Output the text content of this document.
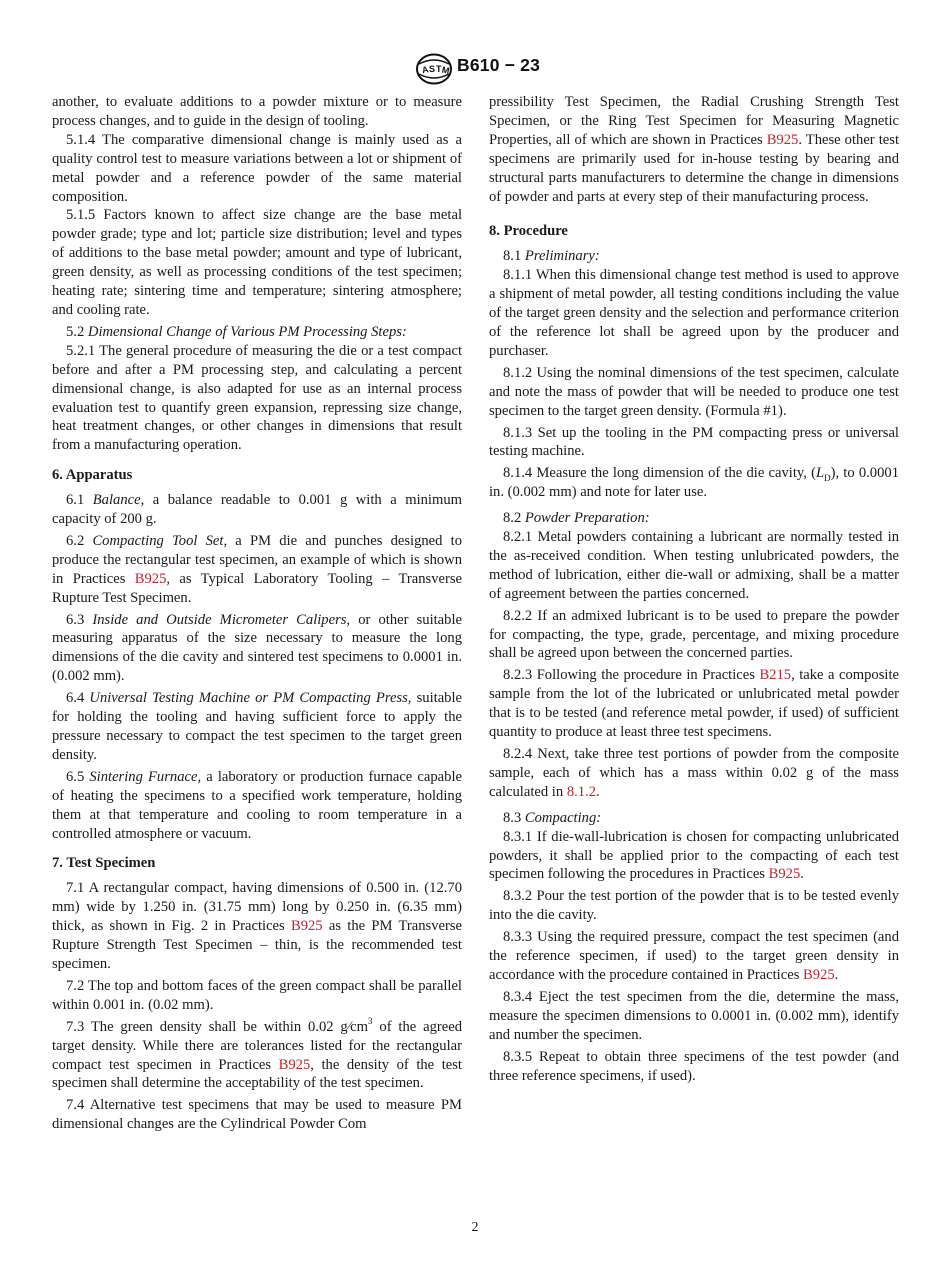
A S T M B610 − 23

another, to evaluate additions to a powder mixture or to measure process changes, and to guide in the design of tooling.

5.1.4 The comparative dimensional change is mainly used as a quality control test to measure variations between a lot or shipment of metal powder and a reference powder of the same material composition.

5.1.5 Factors known to affect size change are the base metal powder grade; type and lot; particle size distribution; level and types of additions to the base metal powder; amount and type of lubricant, green density, as well as processing conditions of the test specimen; heating rate; sintering time and temperature; sintering atmosphere; and cooling rate.

5.2 Dimensional Change of Various PM Processing Steps:

5.2.1 The general procedure of measuring the die or a test compact before and after a PM processing step, and calculating a percent dimensional change, is also adapted for use as an internal process evaluation test to quantify green expansion, repressing size change, heat treatment changes, or other changes in dimensions that result from a manufacturing operation.

6. Apparatus

6.1 Balance, a balance readable to 0.001 g with a minimum capacity of 200 g.

6.2 Compacting Tool Set, a PM die and punches designed to produce the rectangular test specimen, an example of which is shown in Practices B925, as Typical Laboratory Tooling – Transverse Rupture Test Specimen.

6.3 Inside and Outside Micrometer Calipers, or other suitable measuring apparatus of the size necessary to measure the long dimensions of the die cavity and sintered test specimens to 0.0001 in. (0.002 mm).

6.4 Universal Testing Machine or PM Compacting Press, suitable for holding the tooling and having sufficient force to apply the pressure necessary to compact the test specimen to the target green density.

6.5 Sintering Furnace, a laboratory or production furnace capable of heating the specimens to a specified work temperature, holding them at that temperature and cooling to room temperature in a controlled atmosphere or vacuum.

7. Test Specimen

7.1 A rectangular compact, having dimensions of 0.500 in. (12.70 mm) wide by 1.250 in. (31.75 mm) long by 0.250 in. (6.35 mm) thick, as shown in Fig. 2 in Practices B925 as the PM Transverse Rupture Strength Test Specimen – thin, is the recommended test specimen.

7.2 The top and bottom faces of the green compact shall be parallel within 0.001 in. (0.02 mm).

7.3 The green density shall be within 0.02 $g⁄cm^3$ of the agreed target density. While there are tolerances listed for the rectangular compact test specimen in Practices B925, the density of the test specimen shall determine the acceptability of the test specimen.

7.4 Alternative test specimens that may be used to measure PM dimensional changes are the Cylindrical Powder Com

pressibility Test Specimen, the Radial Crushing Strength Test Specimen, or the Ring Test Specimen for Measuring Magnetic Properties, all of which are shown in Practices B925. These other test specimens are primarily used for in-house testing by bearing and structural parts manufacturers to determine the change in dimensions of powder and parts at every step of their manufacturing process.

8. Procedure

8.1 Preliminary:

8.1.1 When this dimensional change test method is used to approve a shipment of metal powder, all testing conditions including the value of the target green density and the selection and performance criterion of the reference lot shall be agreed upon by the producer and purchaser.

8.1.2 Using the nominal dimensions of the test specimen, calculate and note the mass of powder that will be needed to produce one test specimen to the target green density. (Formula #1).

8.1.3 Set up the tooling in the PM compacting press or universal testing machine.

8.1.4 Measure the long dimension of the die cavity, $(L_D)$, to 0.0001 in. (0.002 mm) and note for later use.

8.2 Powder Preparation:

8.2.1 Metal powders containing a lubricant are normally tested in the as-received condition. When testing unlubricated powders, the method of lubrication, either die-wall or admixing, shall be a matter of agreement between the parties concerned.

8.2.2 If an admixed lubricant is to be used to prepare the powder for compacting, the type, grade, percentage, and mixing procedure shall be agreed upon between the concerned parties.

8.2.3 Following the procedure in Practices B215, take a composite sample from the lot of the lubricated or unlubricated metal powder that is to be tested (and reference metal powder, if used) of sufficient quantity to produce at least three test specimens.

8.2.4 Next, take three test portions of powder from the composite sample, each of which has a mass within 0.02 g of the mass calculated in 8.1.2.

8.3 Compacting:

8.3.1 If die-wall-lubrication is chosen for compacting unlubricated powders, it shall be applied prior to the compacting of each test specimen following the procedures in Practices B925.

8.3.2 Pour the test portion of the powder that is to be tested evenly into the die cavity.

8.3.3 Using the required pressure, compact the test specimen (and the reference specimen, if used) to the target green density in accordance with the procedure contained in Practices B925.

8.3.4 Eject the test specimen from the die, determine the mass, measure the specimen dimensions to 0.0001 in. (0.002 mm), identify and number the specimen.

8.3.5 Repeat to obtain three specimens of the test powder (and three reference specimens, if used).

2
